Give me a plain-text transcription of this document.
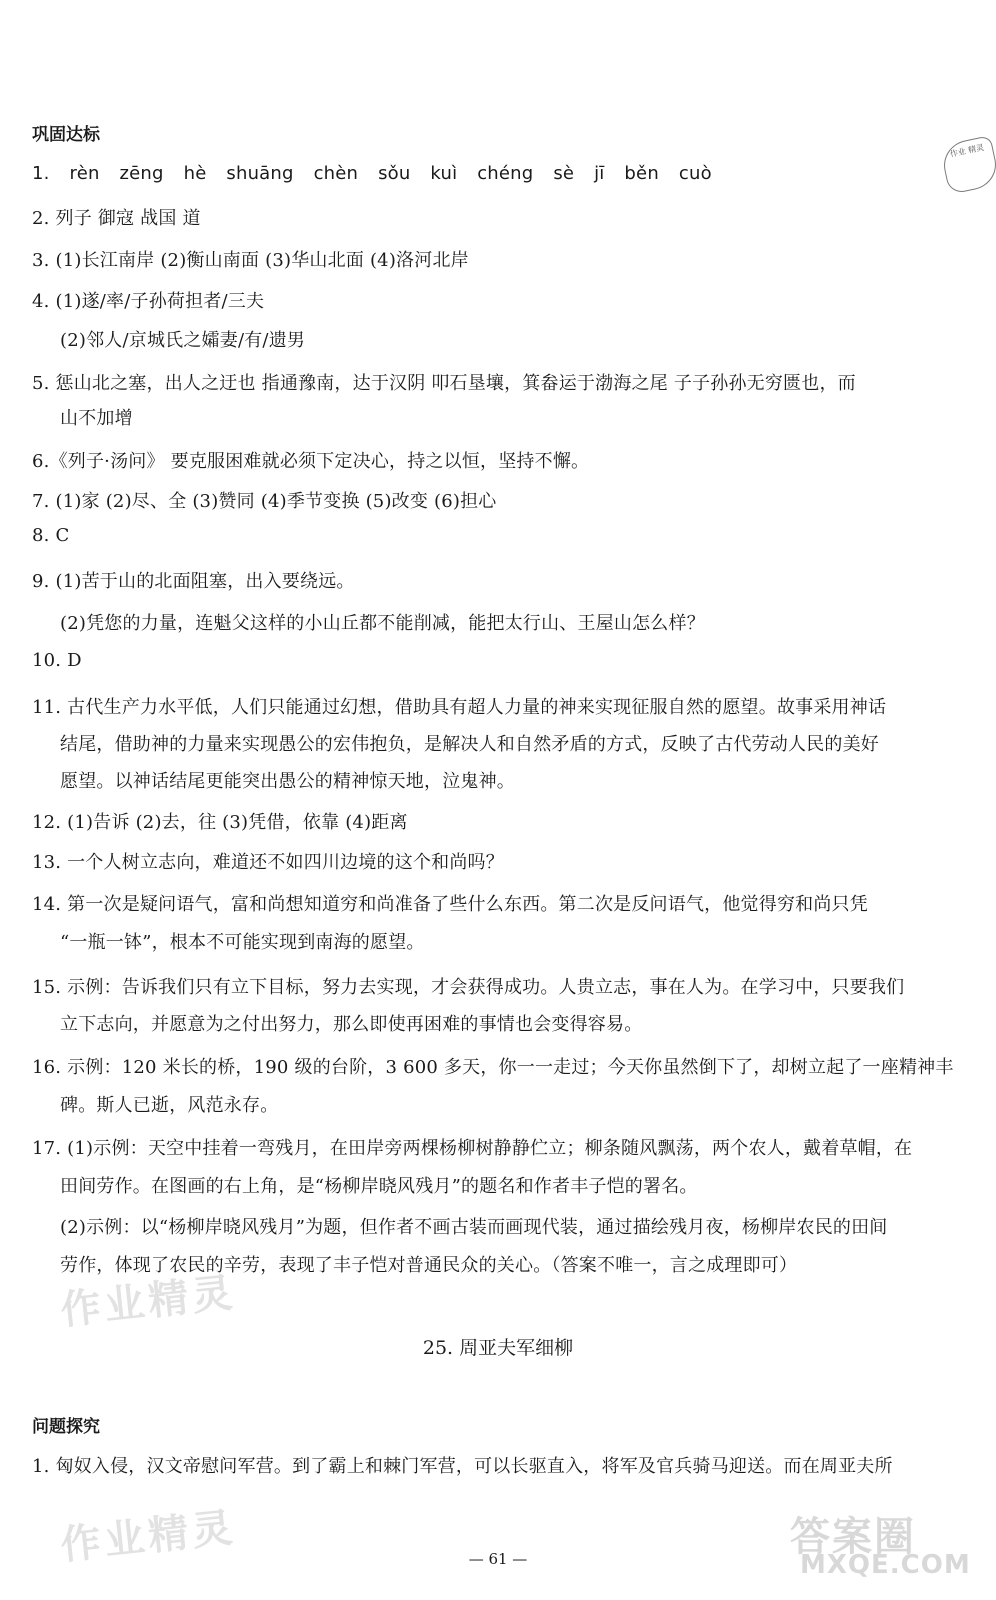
作业 精灵
巩固达标
1. rèn zēng hè shuāng chèn sǒu kuì chéng sè jī běn cuò
2. 列子 御寇 战国 道
3. (1)长江南岸 (2)衡山南面 (3)华山北面 (4)洛河北岸
4. (1)遂/率/子孙荷担者/三夫
(2)邻人/京城氏之孀妻/有/遗男
5. 惩山北之塞，出人之迂也 指通豫南，达于汉阴 叩石垦壤，箕畚运于渤海之尾 子子孙孙无穷匮也，而
山不加增
6.《列子·汤问》 要克服困难就必须下定决心，持之以恒，坚持不懈。
7. (1)家 (2)尽、全 (3)赞同 (4)季节变换 (5)改变 (6)担心
8. C
9. (1)苦于山的北面阻塞，出入要绕远。
(2)凭您的力量，连魁父这样的小山丘都不能削减，能把太行山、王屋山怎么样？
10. D
11. 古代生产力水平低，人们只能通过幻想，借助具有超人力量的神来实现征服自然的愿望。故事采用神话
结尾，借助神的力量来实现愚公的宏伟抱负，是解决人和自然矛盾的方式，反映了古代劳动人民的美好
愿望。以神话结尾更能突出愚公的精神惊天地，泣鬼神。
12. (1)告诉 (2)去，往 (3)凭借，依靠 (4)距离
13. 一个人树立志向，难道还不如四川边境的这个和尚吗？
14. 第一次是疑问语气，富和尚想知道穷和尚准备了些什么东西。第二次是反问语气，他觉得穷和尚只凭
“一瓶一钵”，根本不可能实现到南海的愿望。
15. 示例：告诉我们只有立下目标，努力去实现，才会获得成功。人贵立志，事在人为。在学习中，只要我们
立下志向，并愿意为之付出努力，那么即使再困难的事情也会变得容易。
16. 示例：120 米长的桥，190 级的台阶，3 600 多天，你一一走过；今天你虽然倒下了，却树立起了一座精神丰
碑。斯人已逝，风范永存。
17. (1)示例：天空中挂着一弯残月，在田岸旁两棵杨柳树静静伫立；柳条随风飘荡，两个农人，戴着草帽，在
田间劳作。在图画的右上角，是“杨柳岸晓风残月”的题名和作者丰子恺的署名。
(2)示例：以“杨柳岸晓风残月”为题，但作者不画古装而画现代装，通过描绘残月夜，杨柳岸农民的田间
劳作，体现了农民的辛劳，表现了丰子恺对普通民众的关心。（答案不唯一，言之成理即可）
作业精灵
25. 周亚夫军细柳
问题探究
1. 匈奴入侵，汉文帝慰问军营。到了霸上和棘门军营，可以长驱直入，将军及官兵骑马迎送。而在周亚夫所
作业精灵	答案圈
MXQE.COM
— 61 —
